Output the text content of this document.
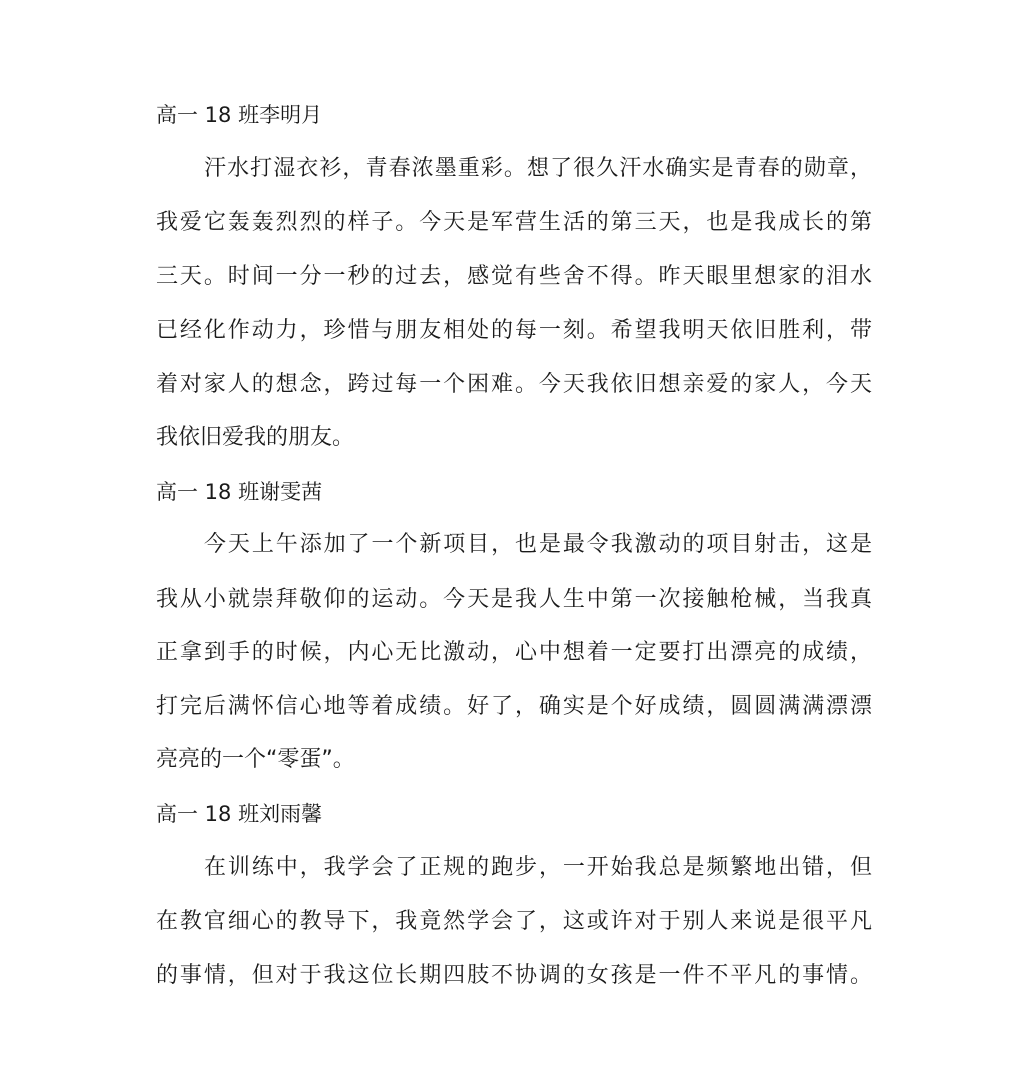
高一 18 班李明月
汗水打湿衣衫，青春浓墨重彩。想了很久汗水确实是青春的勋章，
我爱它轰轰烈烈的样子。今天是军营生活的第三天，也是我成长的第
三天。时间一分一秒的过去，感觉有些舍不得。昨天眼里想家的泪水
已经化作动力，珍惜与朋友相处的每一刻。希望我明天依旧胜利，带
着对家人的想念，跨过每一个困难。今天我依旧想亲爱的家人，今天
我依旧爱我的朋友。
高一 18 班谢雯茜
今天上午添加了一个新项目，也是最令我激动的项目射击，这是
我从小就崇拜敬仰的运动。今天是我人生中第一次接触枪械，当我真
正拿到手的时候，内心无比激动，心中想着一定要打出漂亮的成绩，
打完后满怀信心地等着成绩。好了，确实是个好成绩，圆圆满满漂漂
亮亮的一个“零蛋”。
高一 18 班刘雨馨
在训练中，我学会了正规的跑步，一开始我总是频繁地出错，但
在教官细心的教导下，我竟然学会了，这或许对于别人来说是很平凡
的事情，但对于我这位长期四肢不协调的女孩是一件不平凡的事情。
